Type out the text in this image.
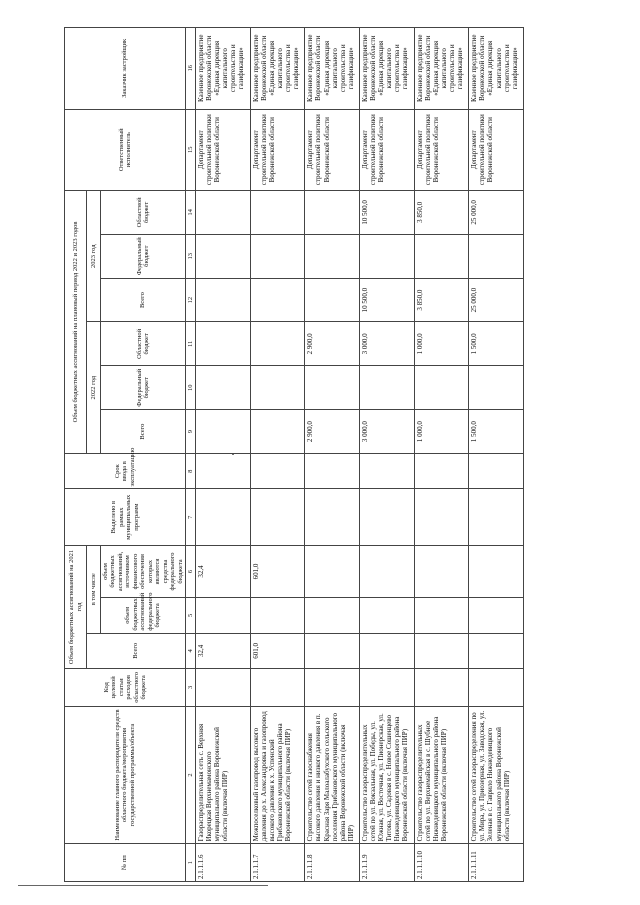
№ пп	Наименование главного распорядителя средств областного бюджета/мероприятия государственной программы/объекта	Код целевой статьи расходов областного бюджета	Объем бюджетных ассигнований на 2021 год			Выделено в рамках муниципальных программ	Срок ввода в эксплуатацию	Объем бюджетных ассигнований на плановый период 2022 и 2023 годов						Ответственный исполнитель	Заказчик застройщик
			Всего	в том числе				2022 год			2023 год				
				объем бюджетных ассигнований федерального бюджета	объем бюджетных ассигнований, источником финансового обеспечения которых являются средства федерального бюджета			Всего	Федеральный бюджет	Областной бюджет	Всего	Федеральный бюджет	Областной бюджет		
1	2	3	4	5	6	7	8	9	10	11	12	13	14	15	16
2.1.1.1.6	Газораспределительная сеть с. Верхняя Икорецкая Верхнемамонского муниципального района Воронежской области (включая ПИР)		32,4		32,4									Департамент строительной политики Воронежской области	Казенное предприятие Воронежской области «Единая дирекция капитального строительства и газификации»
2.1.1.1.7	Межпоселковый газопровод высокого давления до х. Александровка и газопровод высокого давления к х. Успенский Грибановского муниципального района Воронежской области (включая ПИР)		601,0		601,0									Департамент строительной политики Воронежской области	Казенное предприятие Воронежской области «Единая дирекция капитального строительства и газификации»
2.1.1.1.8	Строительство сетей газоснабжения высокого давления и низкого давления в п. Красная Заря Малоалабухского сельского поселения Грибановского муниципального района Воронежской области (включая ПИР)							2 900,0		2 900,0				Департамент строительной политики Воронежской области	Казенное предприятие Воронежской области «Единая дирекция капитального строительства и газификации»
2.1.1.1.9	Строительство газораспределительных сетей по ул. Вокзальная, ул. Победы, ул. Южная, ул. Восточная, ул. Пионерская, ул. Титова, ул. Садовая в с. Новое Сошенцево Нижнедевицкого муниципального района Воронежской области (включая ПИР)							3 000,0		3 000,0	10 500,0		10 500,0	Департамент строительной политики Воронежской области	Казенное предприятие Воронежской области «Единая дирекция капитального строительства и газификации»
2.1.1.1.10	Строительство газораспределительных сетей по ул. Верхнемайская в с. Шубное Нижнедевицкого муниципального района Воронежской области (включая ПИР)							1 000,0		1 000,0	3 850,0		3 850,0	Департамент строительной политики Воронежской области	Казенное предприятие Воронежской области «Единая дирекция капитального строительства и газификации»
2.1.1.1.11	Строительство сетей газораспределения по ул. Мира, ул. Приозерная, ул. Заводская, ул. Зеленая в с. Гаврило Нижнедевицкого муниципального района Воронежской области (включая ПИР)							1 500,0		1 500,0	25 000,0		25 000,0	Департамент строительной политики Воронежской области	Казенное предприятие Воронежской области «Единая дирекция капитального строительства и газификации»
